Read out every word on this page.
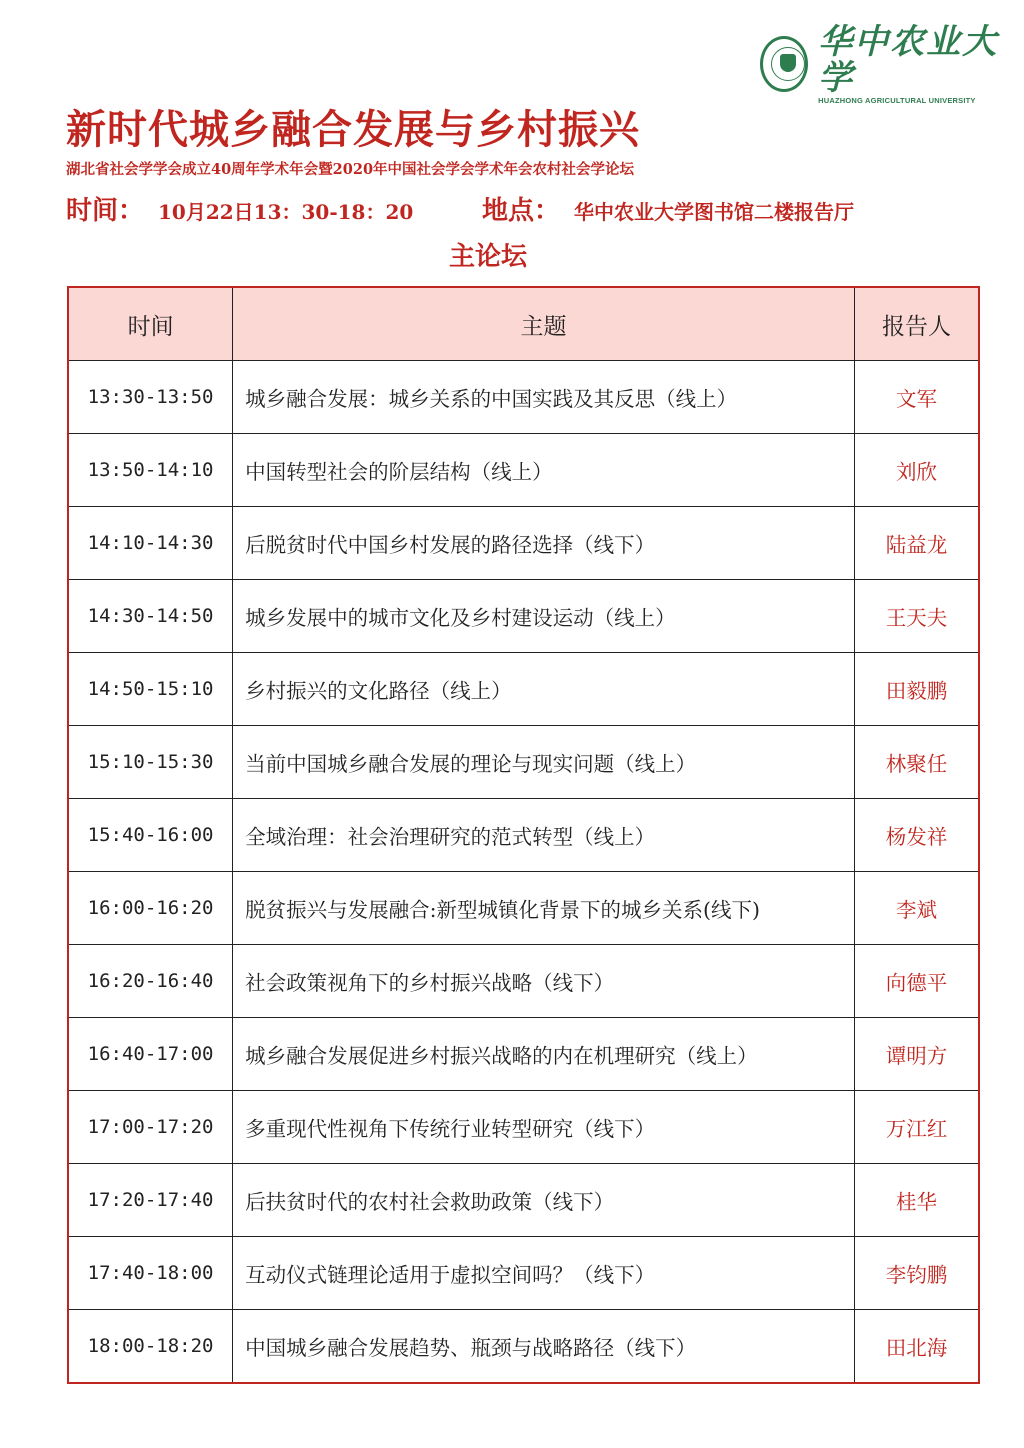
华中农业大学
HUAZHONG AGRICULTURAL UNIVERSITY
新时代城乡融合发展与乡村振兴
湖北省社会学学会成立40周年学术年会暨2020年中国社会学会学术年会农村社会学论坛
时间： 10月22日13：30-18：20	地点： 华中农业大学图书馆二楼报告厅
主论坛
时间	主题	报告人
13:30-13:50	城乡融合发展：城乡关系的中国实践及其反思（线上）	文军
13:50-14:10	中国转型社会的阶层结构（线上）	刘欣
14:10-14:30	后脱贫时代中国乡村发展的路径选择（线下）	陆益龙
14:30-14:50	城乡发展中的城市文化及乡村建设运动（线上）	王天夫
14:50-15:10	乡村振兴的文化路径（线上）	田毅鹏
15:10-15:30	当前中国城乡融合发展的理论与现实问题（线上）	林聚任
15:40-16:00	全域治理：社会治理研究的范式转型（线上）	杨发祥
16:00-16:20	脱贫振兴与发展融合:新型城镇化背景下的城乡关系(线下)	李斌
16:20-16:40	社会政策视角下的乡村振兴战略（线下）	向德平
16:40-17:00	城乡融合发展促进乡村振兴战略的内在机理研究（线上）	谭明方
17:00-17:20	多重现代性视角下传统行业转型研究（线下）	万江红
17:20-17:40	后扶贫时代的农村社会救助政策（线下）	桂华
17:40-18:00	互动仪式链理论适用于虚拟空间吗？（线下）	李钧鹏
18:00-18:20	中国城乡融合发展趋势、瓶颈与战略路径（线下）	田北海
